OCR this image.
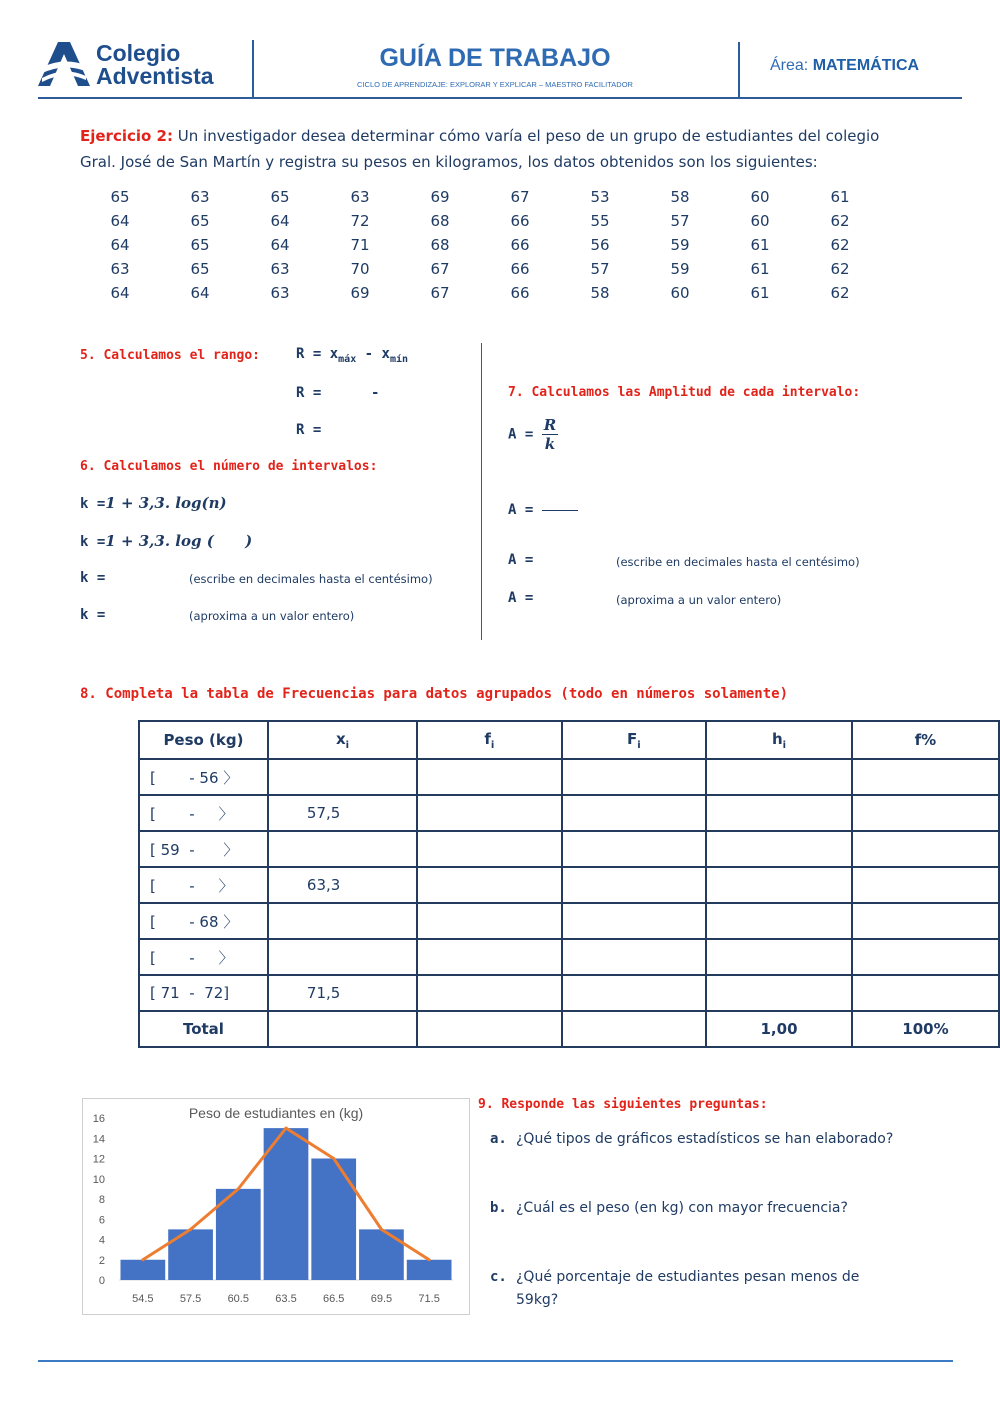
Colegio
Adventista
GUÍA DE TRABAJO
CICLO DE APRENDIZAJE: EXPLORAR Y EXPLICAR – MAESTRO FACILITADOR
Área: MATEMÁTICA
Ejercicio 2: Un investigador desea determinar cómo varía el peso de un grupo de estudiantes del colegio
Gral. José de San Martín y registra su pesos en kilogramos, los datos obtenidos son los siguientes:
65	63	65	63	69	67	53	58	60	61
64	65	64	72	68	66	55	57	60	62
64	65	64	71	68	66	56	59	61	62
63	65	63	70	67	66	57	59	61	62
64	64	63	69	67	66	58	60	61	62
5. Calculamos el rango:	$R = x_{máx} - x_{mín}$
R =	-
R =
6. Calculamos el número de intervalos:
k =1 + 3,3. log(n)
k =1 + 3,3. log (      )
k =	(escribe en decimales hasta el centésimo)
k =	(aproxima a un valor entero)
7. Calculamos las Amplitud de cada intervalo:
$A = \frac{R}{k}$
A =
A =	(escribe en decimales hasta el centésimo)
A =	(aproxima a un valor entero)
8. Completa la tabla de Frecuencias para datos agrupados (todo en números solamente)
Peso (kg)	$x_i$	$f_i$	$F_i$	$h_i$	f%
[       - 56 〉					
[       -     〉	57,5				
[ 59  -      〉					
[       -     〉	63,3				
[       - 68 〉					
[       -     〉					
[ 71  -  72]	71,5				
Total				1,00	100%
Peso de estudiantes en (kg)
0
2
4
6
8
10
12
14
16
54.5 57.5 60.5 63.5 66.5 69.5 71.5
9. Responde las siguientes preguntas:
a. ¿Qué tipos de gráficos estadísticos se han elaborado?
b. ¿Cuál es el peso (en kg) con mayor frecuencia?
c. ¿Qué porcentaje de estudiantes pesan menos de
59kg?
